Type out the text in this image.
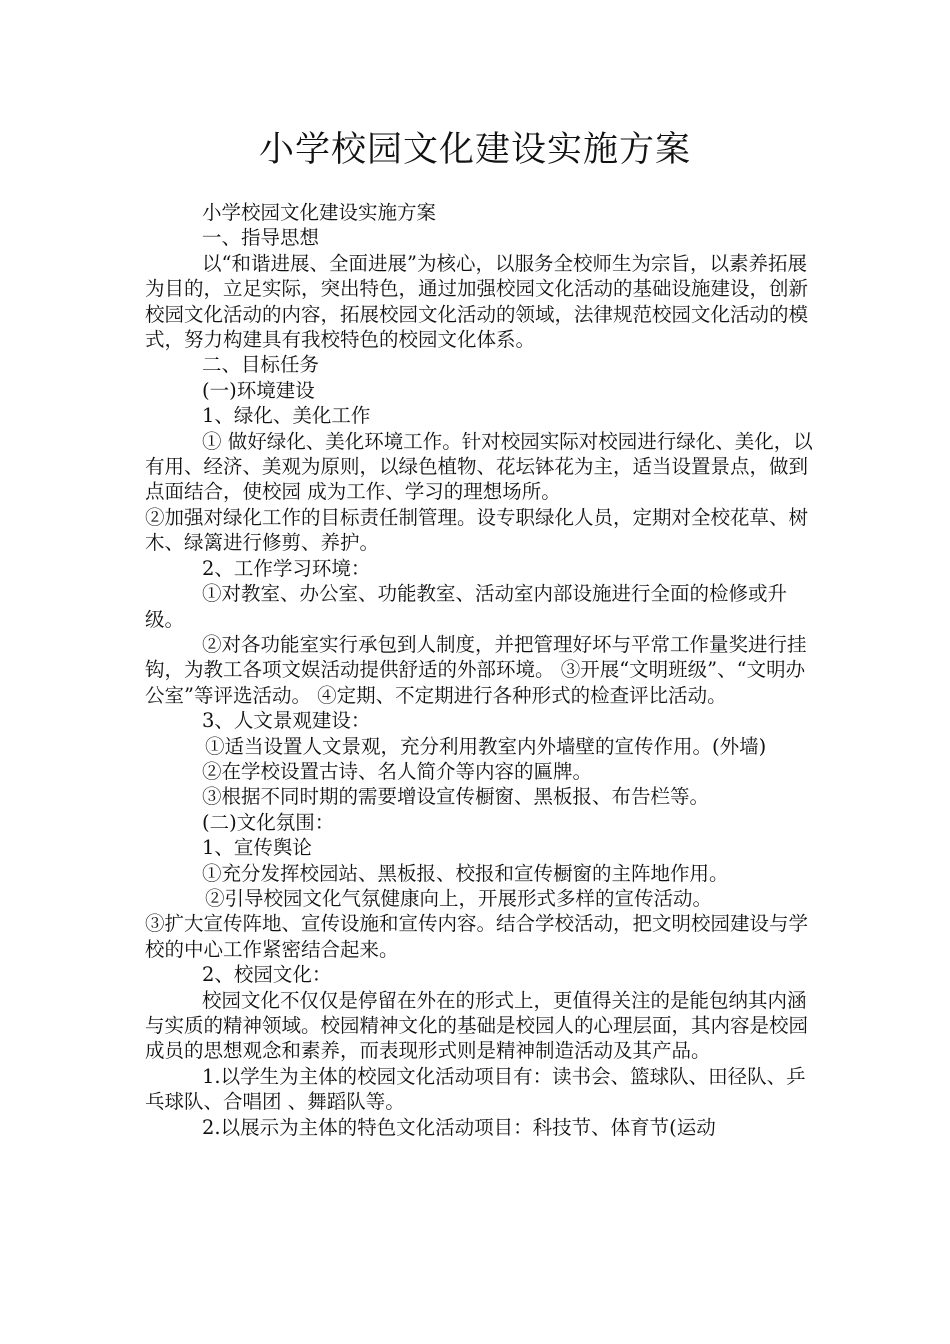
小学校园文化建设实施方案

小学校园文化建设实施方案

一、指导思想

以“和谐进展、全面进展”为核心，以服务全校师生为宗旨，以素养拓展为目的，立足实际，突出特色，通过加强校园文化活动的基础设施建设，创新校园文化活动的内容，拓展校园文化活动的领域，法律规范校园文化活动的模式，努力构建具有我校特色的校园文化体系。

二、目标任务

(一)环境建设

1、绿化、美化工作

① 做好绿化、美化环境工作。针对校园实际对校园进行绿化、美化，以有用、经济、美观为原则，以绿色植物、花坛钵花为主，适当设置景点，做到点面结合，使校园 成为工作、学习的理想场所。

②加强对绿化工作的目标责任制管理。设专职绿化人员，定期对全校花草、树木、绿篱进行修剪、养护。

2、工作学习环境：

①对教室、办公室、功能教室、活动室内部设施进行全面的检修或升级。

②对各功能室实行承包到人制度，并把管理好坏与平常工作量奖进行挂钩，为教工各项文娱活动提供舒适的外部环境。 ③开展“文明班级”、“文明办公室”等评选活动。 ④定期、不定期进行各种形式的检查评比活动。

3、人文景观建设：

①适当设置人文景观，充分利用教室内外墙壁的宣传作用。(外墙)

②在学校设置古诗、名人简介等内容的匾牌。

③根据不同时期的需要增设宣传橱窗、黑板报、布告栏等。

(二)文化氛围：

1、宣传舆论

①充分发挥校园站、黑板报、校报和宣传橱窗的主阵地作用。

②引导校园文化气氛健康向上，开展形式多样的宣传活动。

③扩大宣传阵地、宣传设施和宣传内容。结合学校活动，把文明校园建设与学校的中心工作紧密结合起来。

2、校园文化：

校园文化不仅仅是停留在外在的形式上，更值得关注的是能包纳其内涵与实质的精神领域。校园精神文化的基础是校园人的心理层面，其内容是校园成员的思想观念和素养，而表现形式则是精神制造活动及其产品。

1.以学生为主体的校园文化活动项目有：读书会、篮球队、田径队、乒乓球队、合唱团 、舞蹈队等。

2.以展示为主体的特色文化活动项目：科技节、体育节(运动
